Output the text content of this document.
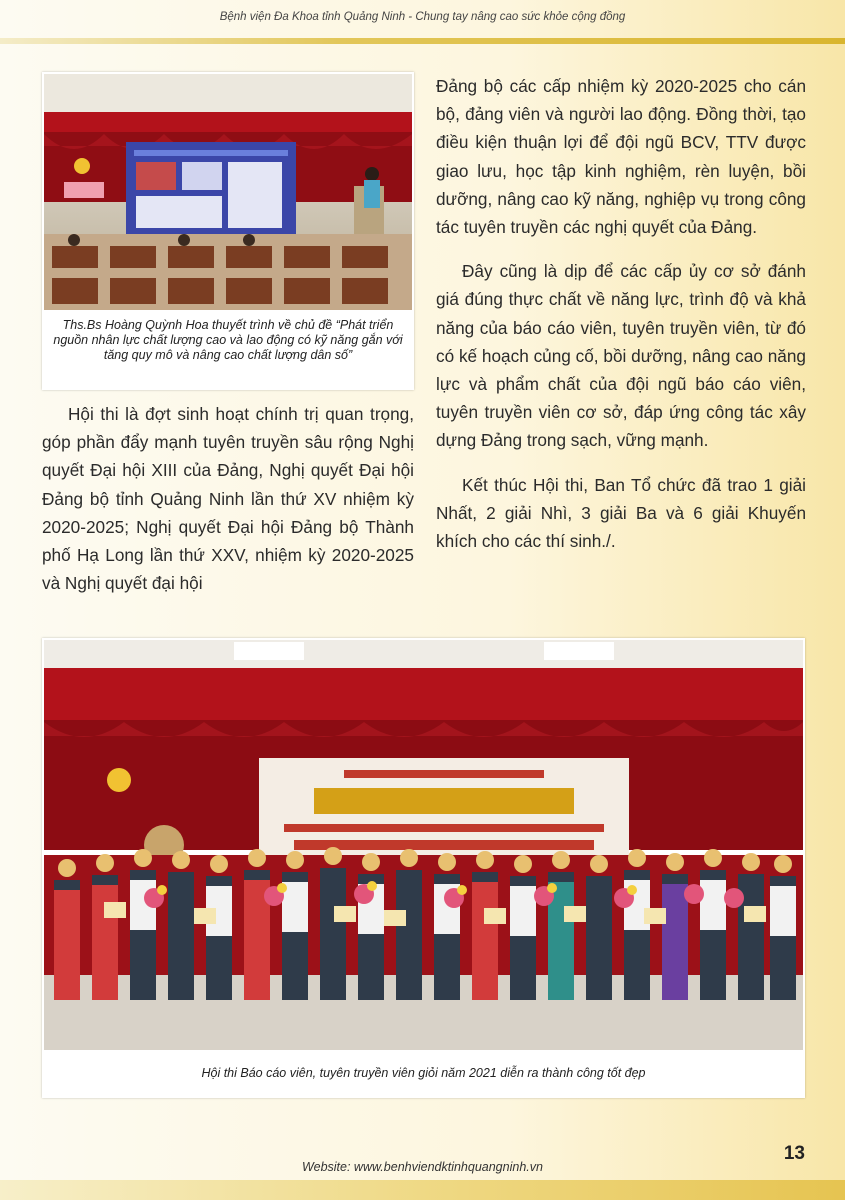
Bệnh viện Đa Khoa tỉnh Quảng Ninh - Chung tay nâng cao sức khỏe cộng đồng
Ths.Bs Hoàng Quỳnh Hoa thuyết trình về chủ đề “Phát triển nguồn nhân lực chất lượng cao và lao động có kỹ năng gắn với tăng quy mô và nâng cao chất lượng dân số”

Hội thi là đợt sinh hoạt chính trị quan trọng, góp phần đẩy mạnh tuyên truyền sâu rộng Nghị quyết Đại hội XIII của Đảng, Nghị quyết Đại hội Đảng bộ tỉnh Quảng Ninh lần thứ XV nhiệm kỳ 2020-2025; Nghị quyết Đại hội Đảng bộ Thành phố Hạ Long lần thứ XXV, nhiệm kỳ 2020-2025 và Nghị quyết đại hội

Đảng bộ các cấp nhiệm kỳ 2020-2025 cho cán bộ, đảng viên và người lao động. Đồng thời, tạo điều kiện thuận lợi để đội ngũ BCV, TTV được giao lưu, học tập kinh nghiệm, rèn luyện, bồi dưỡng, nâng cao kỹ năng, nghiệp vụ trong công tác tuyên truyền các nghị quyết của Đảng.

Đây cũng là dịp để các cấp ủy cơ sở đánh giá đúng thực chất về năng lực, trình độ và khả năng của báo cáo viên, tuyên truyền viên, từ đó có kế hoạch củng cố, bồi dưỡng, nâng cao năng lực và phẩm chất của đội ngũ báo cáo viên, tuyên truyền viên cơ sở, đáp ứng công tác xây dựng Đảng trong sạch, vững mạnh.

Kết thúc Hội thi, Ban Tổ chức đã trao 1 giải Nhất, 2 giải Nhì, 3 giải Ba và 6 giải Khuyến khích cho các thí sinh./.

Hội thi Báo cáo viên, tuyên truyền viên giỏi năm 2021 diễn ra thành công tốt đẹp
13
Website: www.benhviendktinhquangninh.vn
